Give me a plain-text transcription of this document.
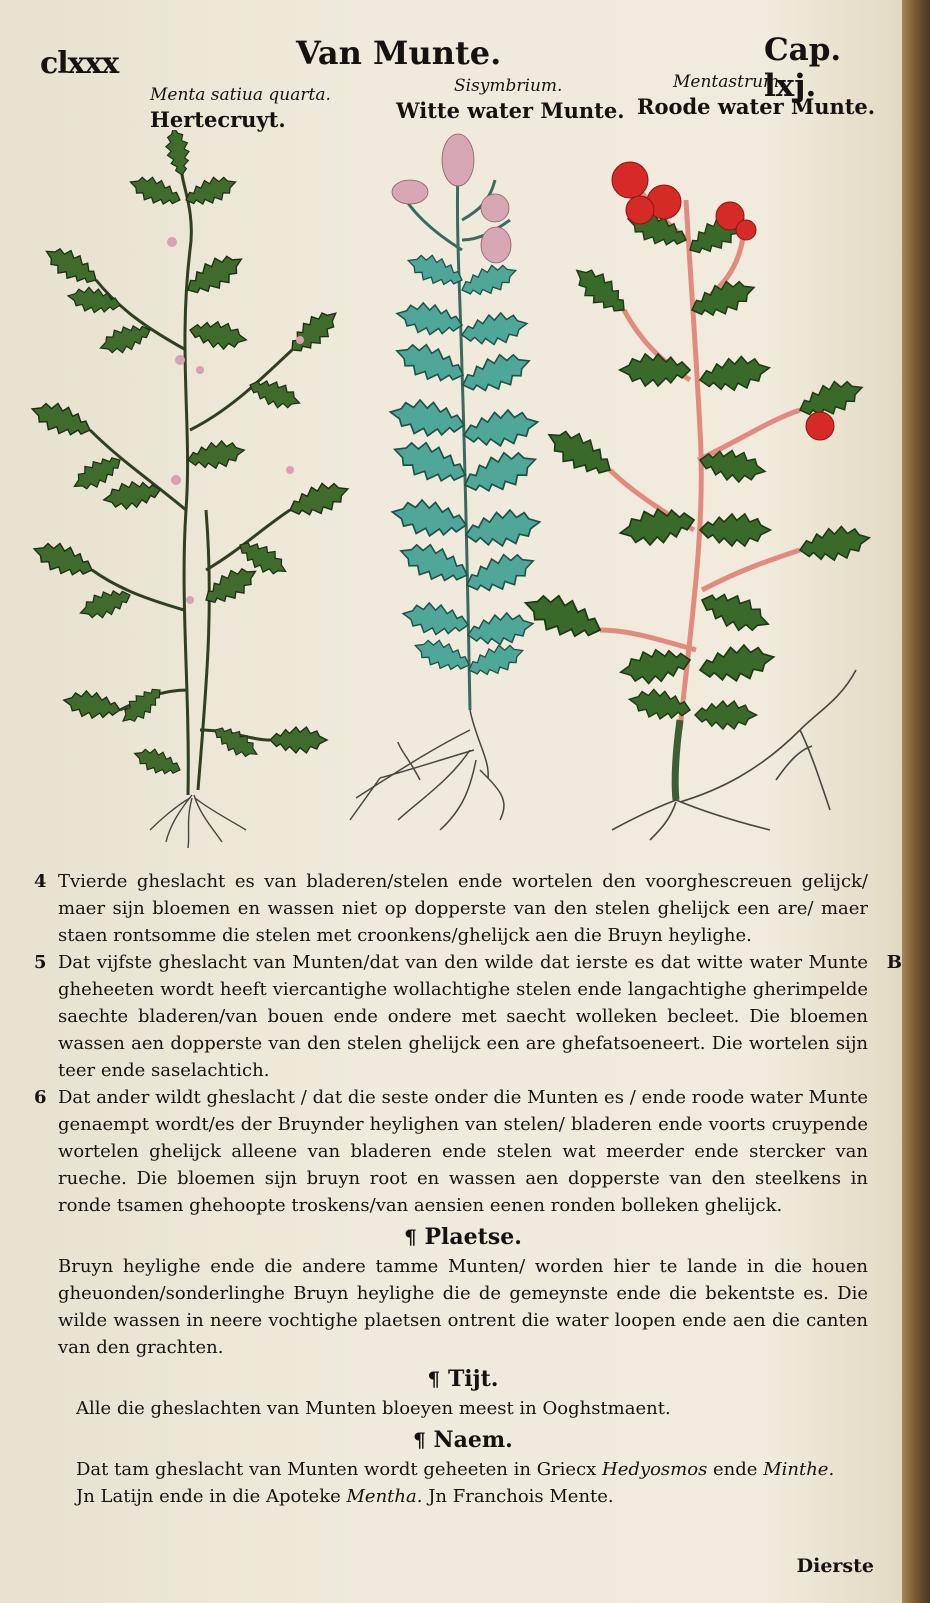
clxxx	Van Munte.	Cap. lxj.
Menta satiua quarta.
Hertecruyt.
Sisymbrium.
Witte water Munte.
Mentastrum.
Roode water Munte.

4 Tvierde gheslacht es van bladeren/stelen ende wortelen den voorghescreuen gelijck/ maer sijn bloemen en wassen niet op dopperste van den stelen ghelijck een are/ maer staen rontsomme die stelen met croonkens/ghelijck aen die Bruyn heylighe.

5	B
Dat vijfste gheslacht van Munten/dat van den wilde dat ierste es dat witte water Munte gheheeten wordt heeft viercantighe wollachtighe stelen ende langachtighe gherimpelde saechte bladeren/van bouen ende ondere met saecht wolleken becleet. Die bloemen wassen aen dopperste van den stelen ghelijck een are ghefatsoeneert. Die wortelen sijn teer ende saselachtich.

6 Dat ander wildt gheslacht / dat die seste onder die Munten es / ende roode water Munte genaempt wordt/es der Bruynder heylighen van stelen/ bladeren ende voorts cruypende wortelen ghelijck alleene van bladeren ende stelen wat meerder ende stercker van rueche. Die bloemen sijn bruyn root en wassen aen dopperste van den steelkens in ronde tsamen ghehoopte troskens/van aensien eenen ronden bolleken ghelijck.

¶ Plaetse.

Bruyn heylighe ende die andere tamme Munten/ worden hier te lande in die houen gheuonden/sonderlinghe Bruyn heylighe die de gemeynste ende die bekentste es. Die wilde wassen in neere vochtighe plaetsen ontrent die water loopen ende aen die canten van den grachten.

¶ Tijt.

Alle die gheslachten van Munten bloeyen meest in Ooghstmaent.

¶ Naem.

Dat tam gheslacht van Munten wordt geheeten in Griecx Hedyosmos ende Minthe.
Jn Latijn ende in die Apoteke Mentha. Jn Franchois Mente.

Dierste
